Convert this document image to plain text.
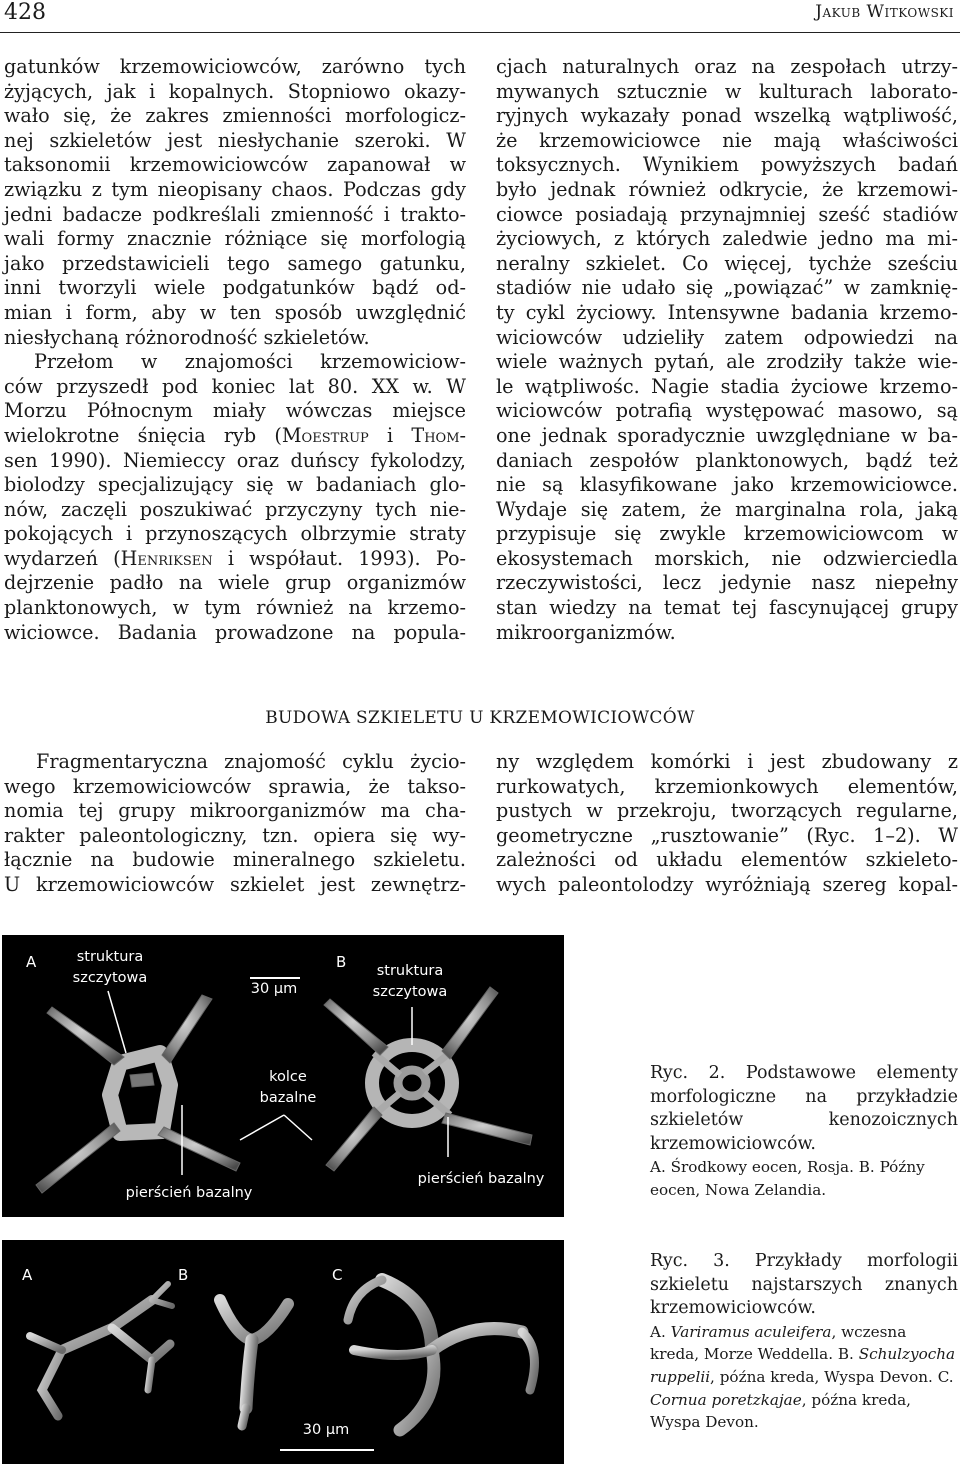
428	Jakub Witkowski

gatunków krzemowiciowców, zarówno tych
żyjących, jak i kopalnych. Stopniowo okazy-
wało się, że zakres zmienności morfologicz-
nej szkieletów jest niesłychanie szeroki. W
taksonomii krzemowiciowców zapanował w
związku z tym nieopisany chaos. Podczas gdy
jedni badacze podkreślali zmienność i trakto-
wali formy znacznie różniące się morfologią
jako przedstawicieli tego samego gatunku,
inni tworzyli wiele podgatunków bądź od-
mian i form, aby w ten sposób uwzględnić
niesłychaną różnorodność szkieletów.

Przełom w znajomości krzemowiciow-
ców przyszedł pod koniec lat 80. XX w. W
Morzu Północnym miały wówczas miejsce
wielokrotne śnięcia ryb (Moestrup i Thom-
sen 1990). Niemieccy oraz duńscy fykolodzy,
biolodzy specjalizujący się w badaniach glo-
nów, zaczęli poszukiwać przyczyny tych nie-
pokojących i przynoszących olbrzymie straty
wydarzeń (Henriksen i współaut. 1993). Po-
dejrzenie padło na wiele grup organizmów
planktonowych, w tym również na krzemo-
wiciowce. Badania prowadzone na popula-

cjach naturalnych oraz na zespołach utrzy-
mywanych sztucznie w kulturach laborato-
ryjnych wykazały ponad wszelką wątpliwość,
że krzemowiciowce nie mają właściwości
toksycznych. Wynikiem powyższych badań
było jednak również odkrycie, że krzemowi-
ciowce posiadają przynajmniej sześć stadiów
życiowych, z których zaledwie jedno ma mi-
neralny szkielet. Co więcej, tychże sześciu
stadiów nie udało się „powiązać” w zamknię-
ty cykl życiowy. Intensywne badania krzemo-
wiciowców udzieliły zatem odpowiedzi na
wiele ważnych pytań, ale zrodziły także wie-
le wątpliwośc. Nagie stadia życiowe krzemo-
wiciowców potrafią występować masowo, są
one jednak sporadycznie uwzględniane w ba-
daniach zespołów planktonowych, bądź też
nie są klasyfikowane jako krzemowiciowce.
Wydaje się zatem, że marginalna rola, jaką
przypisuje się zwykle krzemowiciowcom w
ekosystemach morskich, nie odzwierciedla
rzeczywistości, lecz jedynie nasz niepełny
stan wiedzy na temat tej fascynującej grupy
mikroorganizmów.

BUDOWA SZKIELETU U KRZEMOWICIOWCÓW

Fragmentaryczna znajomość cyklu życio-
wego krzemowiciowców sprawia, że takso-
nomia tej grupy mikroorganizmów ma cha-
rakter paleontologiczny, tzn. opiera się wy-
łącznie na budowie mineralnego szkieletu.
U krzemowiciowców szkielet jest zewnętrz-

ny względem komórki i jest zbudowany z
rurkowatych, krzemionkowych elementów,
pustych w przekroju, tworzących regularne,
geometryczne „rusztowanie” (Ryc. 1–2). W
zależności od układu elementów szkieleto-
wych paleontolodzy wyróżniają szereg kopal-

A	B
struktura
szczytowa	struktura
szczytowa
30 µm
kolce
bazalne
pierścień bazalny
pierścień bazalny
A	B	C
30 µm

Ryc. 2. Podstawowe elementy morfologiczne na przykładzie szkieletów kenozoicznych krzemowiciowców.

A. Środkowy eocen, Rosja. B. Późny eocen, Nowa Zelandia.

Ryc. 3. Przykłady morfologii szkieletu najstarszych znanych krzemowiciowców.

A. Variramus aculeifera, wczesna kreda, Morze Weddella. B. Schulzyocha ruppelii, późna kreda, Wyspa Devon. C. Cornua poretzkajae, późna kreda, Wyspa Devon.
